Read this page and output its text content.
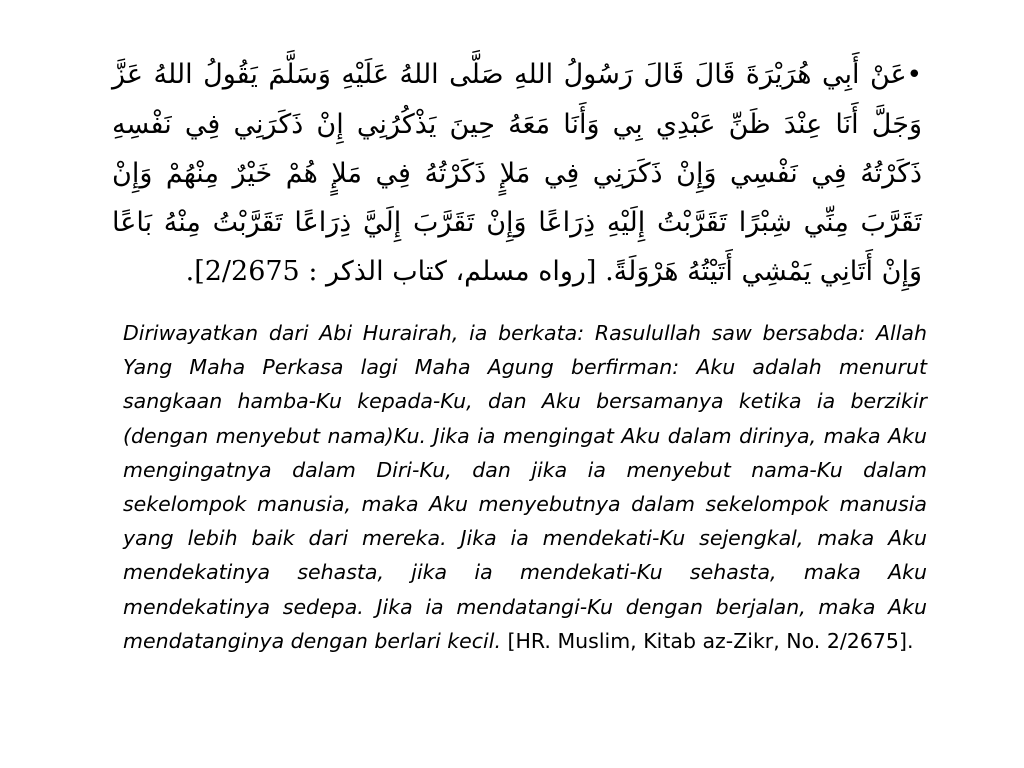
•عَنْ أَبِي هُرَيْرَةَ قَالَ قَالَ رَسُولُ اللهِ صَلَّى اللهُ عَلَيْهِ وَسَلَّمَ يَقُولُ اللهُ عَزَّ وَجَلَّ أَنَا عِنْدَ ظَنِّ عَبْدِي بِي وَأَنَا مَعَهُ حِينَ يَذْكُرُنِي إِنْ ذَكَرَنِي فِي نَفْسِهِ ذَكَرْتُهُ فِي نَفْسِي وَإِنْ ذَكَرَنِي فِي مَلإٍ ذَكَرْتُهُ فِي مَلإٍ هُمْ خَيْرٌ مِنْهُمْ وَإِنْ تَقَرَّبَ مِنِّي شِبْرًا تَقَرَّبْتُ إِلَيْهِ ذِرَاعًا وَإِنْ تَقَرَّبَ إِلَيَّ ذِرَاعًا تَقَرَّبْتُ مِنْهُ بَاعًا وَإِنْ أَتَانِي يَمْشِي أَتَيْتُهُ هَرْوَلَةً. [رواه مسلم، كتاب الذكر : 2/2675].
Diriwayatkan dari Abi Hurairah, ia berkata: Rasulullah saw bersabda: Allah Yang Maha Perkasa lagi Maha Agung berfirman: Aku adalah menurut sangkaan hamba-Ku kepada-Ku, dan Aku bersamanya ketika ia berzikir (dengan menyebut nama)Ku. Jika ia mengingat Aku dalam dirinya, maka Aku mengingatnya dalam Diri-Ku, dan jika ia menyebut nama-Ku dalam sekelompok manusia, maka Aku menyebutnya dalam sekelompok manusia yang lebih baik dari mereka. Jika ia mendekati-Ku sejengkal, maka Aku mendekatinya sehasta, jika ia mendekati-Ku sehasta, maka Aku mendekatinya sedepa. Jika ia mendatangi-Ku dengan berjalan, maka Aku mendatanginya dengan berlari kecil. [HR. Muslim, Kitab az-Zikr, No. 2/2675].
